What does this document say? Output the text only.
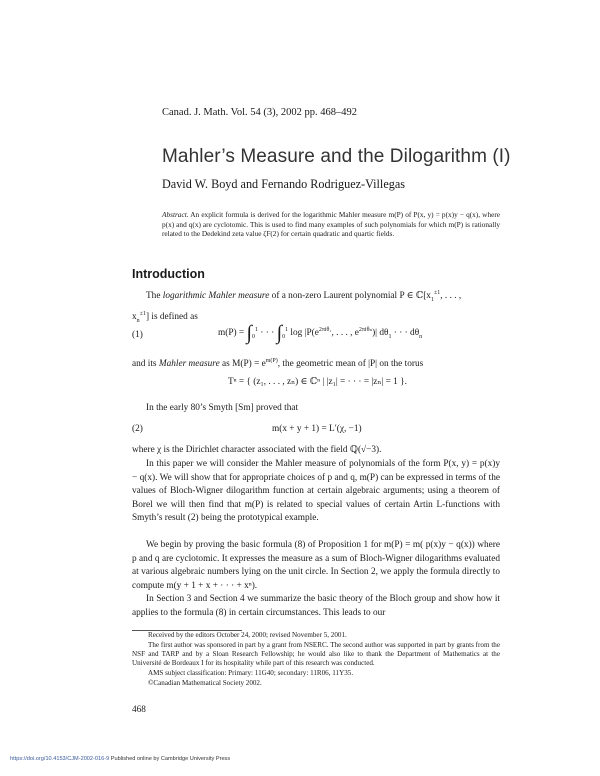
Canad. J. Math. Vol. 54 (3), 2002 pp. 468–492
Mahler’s Measure and the Dilogarithm (I)
David W. Boyd and Fernando Rodriguez-Villegas
Abstract. An explicit formula is derived for the logarithmic Mahler measure m(P) of P(x, y) = p(x)y − q(x), where p(x) and q(x) are cyclotomic. This is used to find many examples of such polynomials for which m(P) is rationally related to the Dedekind zeta value ζF(2) for certain quadratic and quartic fields.
Introduction
The logarithmic Mahler measure of a non-zero Laurent polynomial P ∈ $ℂ[x_1^{\pm 1}$, . . . ,
$x_n^{\pm 1}$] is defined as
(1)	$m(P) = \int_0^1$ · · · $\int_0^1$ $\log |P(e^{2\pi i\theta_1}$, . . . , $e^{2\pi i\theta_n})|$ $d\theta_1$ · · · $d\theta_n$
and its Mahler measure as $M(P) = e^{m(P)}$, the geometric mean of |P| on the torus
Tⁿ = { (z₁, . . . , zₙ) ∈ ℂⁿ | |z₁| = · · · = |zₙ| = 1 }.
In the early 80’s Smyth [Sm] proved that
(2)	m(x + y + 1) = L′(χ, −1)
where χ is the Dirichlet character associated with the field ℚ(√−3).
In this paper we will consider the Mahler measure of polynomials of the form P(x, y) = p(x)y − q(x). We will show that for appropriate choices of p and q, m(P) can be expressed in terms of the values of Bloch-Wigner dilogarithm function at certain algebraic arguments; using a theorem of Borel we will then find that m(P) is related to special values of certain Artin L-functions with Smyth’s result (2) being the prototypical example.
We begin by proving the basic formula (8) of Proposition 1 for m(P) = m( p(x)y − q(x)) where p and q are cyclotomic. It expresses the measure as a sum of Bloch-Wigner dilogarithms evaluated at various algebraic numbers lying on the unit circle. In Section 2, we apply the formula directly to compute m(y + 1 + x + · · · + xⁿ).
In Section 3 and Section 4 we summarize the basic theory of the Bloch group and show how it applies to the formula (8) in certain circumstances. This leads to our
Received by the editors October 24, 2000; revised November 5, 2001.
The first author was sponsored in part by a grant from NSERC. The second author was supported in part by grants from the NSF and TARP and by a Sloan Research Fellowship; he would also like to thank the Department of Mathematics at the Université de Bordeaux I for its hospitality while part of this research was conducted.
AMS subject classification: Primary: 11G40; secondary: 11R06, 11Y35.
©Canadian Mathematical Society 2002.
468
https://doi.org/10.4153/CJM-2002-016-9 Published online by Cambridge University Press
